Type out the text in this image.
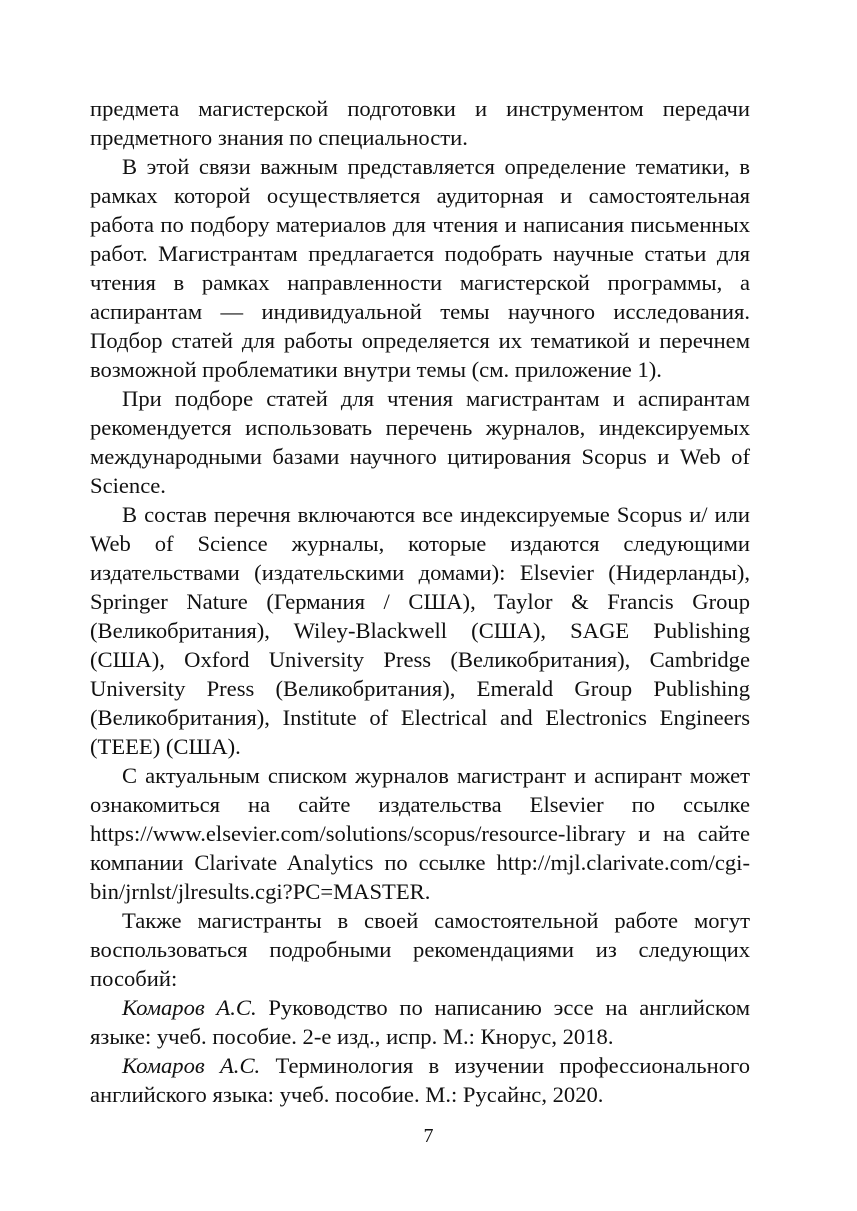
предмета магистерской подготовки и инструментом передачи предметного знания по специальности.

В этой связи важным представляется определение тематики, в рамках которой осуществляется аудиторная и самостоятельная работа по подбору материалов для чтения и написания письменных работ. Магистрантам предлагается подобрать научные статьи для чтения в рамках направленности магистерской программы, а аспирантам — индивидуальной темы научного исследования. Подбор статей для работы определяется их тематикой и перечнем возможной проблематики внутри темы (см. приложение 1).

При подборе статей для чтения магистрантам и аспирантам рекомендуется использовать перечень журналов, индексируемых международными базами научного цитирования Scopus и Web of Science.

В состав перечня включаются все индексируемые Scopus и/ или Web of Science журналы, которые издаются следующими издательствами (издательскими домами): Elsevier (Нидерланды), Springer Nature (Германия / США), Taylor & Francis Group (Великобритания), Wiley-Blackwell (США), SAGE Publishing (США), Oxford University Press (Великобритания), Cambridge University Press (Великобритания), Emerald Group Publishing (Великобритания), Institute of Electrical and Electronics Engineers (TEEE) (США).

С актуальным списком журналов магистрант и аспирант может ознакомиться на сайте издательства Elsevier по ссылке https://www.elsevier.com/solutions/scopus/resource-library и на сайте компании Clarivate Analytics по ссылке http://mjl.clarivate.​com/cgi-bin/jrnlst/jlresults.cgi?PC=MASTER.

Также магистранты в своей самостоятельной работе могут воспользоваться подробными рекомендациями из следующих пособий:

Комаров А.С. Руководство по написанию эссе на английском языке: учеб. пособие. 2-е изд., испр. М.: Кнорус, 2018.

Комаров А.С. Терминология в изучении профессионального английского языка: учеб. пособие. М.: Русайнс, 2020.

7
